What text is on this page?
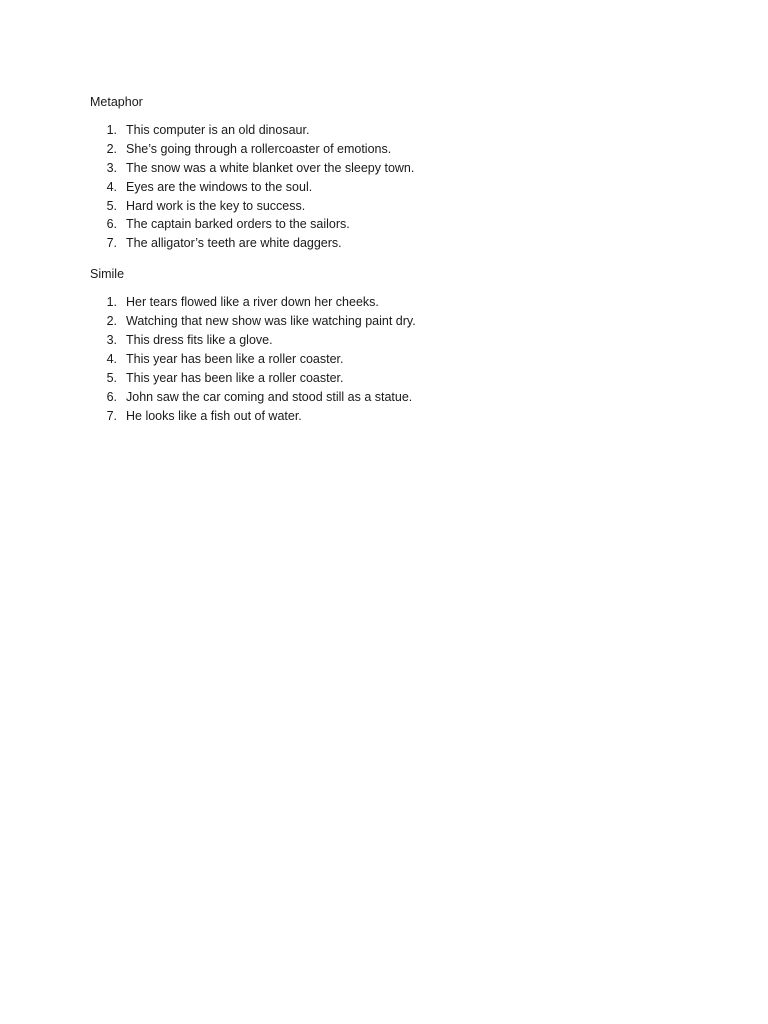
Metaphor

1. This computer is an old dinosaur.
2. She’s going through a rollercoaster of emotions.
3. The snow was a white blanket over the sleepy town.
4. Eyes are the windows to the soul.
5. Hard work is the key to success.
6. The captain barked orders to the sailors.
7. The alligator’s teeth are white daggers.

Simile

1. Her tears flowed like a river down her cheeks.
2. Watching that new show was like watching paint dry.
3. This dress fits like a glove.
4. This year has been like a roller coaster.
5. This year has been like a roller coaster.
6. John saw the car coming and stood still as a statue.
7. He looks like a fish out of water.
